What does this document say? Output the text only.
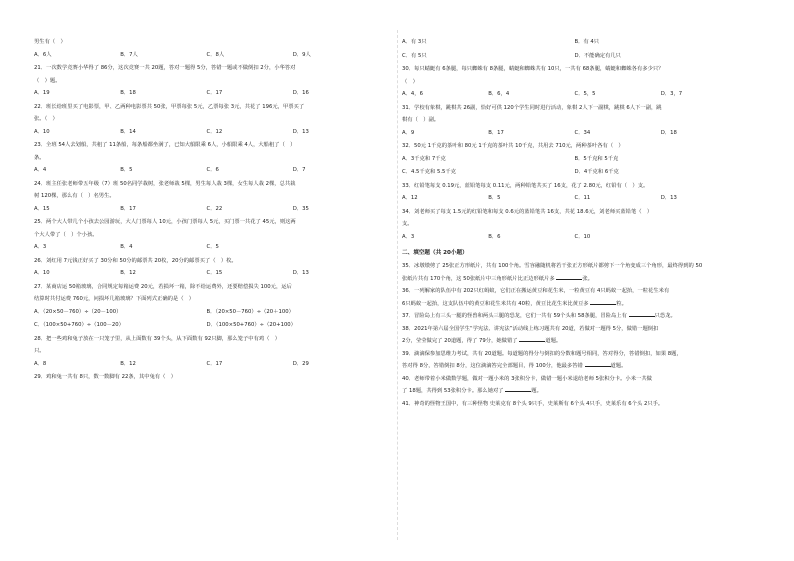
男生有（　）
A．6人	B．7人	C．8人	D．9人
21．一次数学竞赛小华得了 86分，这次竞赛一共 20题，答对一题得 5分，答错一题或不做倒扣 2分，小华答对
（　）题。
A．19	B．18	C．17	D．16
22．班长给班里买了电影票，甲、乙两种电影票共 50张，甲票每张 5元，乙票每张 3元，共花了 196元，甲票买了
张。（　）
A．10	B．14	C．12	D．13
23．全班 54人去划船，共租了 11条船，每条船都坐满了，已知大船限乘 6人，小船限乘 4人，大船租了（　）
条。
A．4	B．5	C．6	D．7
24．班主任张老师带五年级（7）班 50名同学栽树，张老师栽 5棵，男生每人栽 3棵，女生每人栽 2棵，总共栽
树 120棵，那么有（　）名男生。
A．15	B．17	C．22	D．35
25．两个大人带几个小孩去公园游玩，大人门票每人 10元，小孩门票每人 5元，买门票一共花了 45元，则这两
个大人带了（　）个小孩。
A．3	B．4	C．5
26．刘红用 7元钱正好买了 30分和 50分的邮票共 20枚，20分的邮票买了（　）枚。
A．10	B．12	C．15	D．13
27．某商店运 50箱玻璃，合同规定每箱运费 20元，若损坏一箱，除不给运费外，还要赔偿损失 100元，运后
结算时共付运费 760元，问损坏几箱玻璃？下面列式正确的是（　）
A．（20×50－760）÷（20－100）	B．（20×50－760）÷（20＋100）
C．（100×50+760）÷（100－20）	D．（100×50+760）÷（20+100）
28．把一些鸡和兔子放在一只笼子里，从上面数有 39个头，从下面数有 92只脚，那么笼子中有鸡（　）
只。
A．8	B．12	C．17	D．29
29．鸡和兔一共有 8只，数一数脚有 22条，其中兔有（　）
A．有 3只	B．有 4只
C．有 5只	D．不能确定有几只
30．每只蜻蜓有 6条腿，每只蜘蛛有 8条腿，蜻蜓和蜘蛛共有 10只，一共有 68条腿，蜻蜓和蜘蛛各有多少只？
（　）
A．4，6	B．6，4	C．5，5	D．3，7
31．学校有象棋，跳棋共 26副，恰好可供 120个学生同时进行活动，象棋 2人下一副棋，跳棋 6人下一副，跳
棋有（　）副。
A．9	B．17	C．34	D．18
32．50元 1千克的茶叶和 80元 1千克的茶叶共 10千克，共用去 710元，两种茶叶各有（　）
A．3千克和 7千克	B．5千克和 5千克
C．4.5千克和 5.5千克	D．4千克和 6千克
33．红铅笔每支 0.19元，蓝铅笔每支 0.11元，两种铅笔共买了 16支，花了 2.80元，红铅有（　）支。
A．12	B．5	C．11	D．13
34．刘老师买了每支 1.5元的红铅笔和每支 0.6元的蓝铅笔共 16支，共花 18.6元，刘老师买蓝铅笔（　）
支。
A．3	B．6	C．10
二、填空题（共 20小题）
35．冰墩墩剪了 25张正方形纸片，共有 100个角。雪容融随机将若干张正方形纸片都剪下一个角变成三个角形，最终得到的 50
张纸片共有 170个角，这 50张纸片中三角形纸片比正边形纸片多	张。
36．一列解家的队伍中有 202只红蚂蚁，它们正在搬运黄豆和花生米，一粒黄豆有 4只蚂蚁一起抬，一粒花生米有
6只蚂蚁一起抬，这支队伍中的黄豆和花生米共有 40粒，黄豆比花生米比黄豆多	粒。
37．冒险岛上有三头一腿的怪兽和两头三腿的恐龙，它们一共有 59个头和 58条腿，冒险岛上有	只恐龙。
38．2021年第六届全国学生“学宪法、讲宪法”活动线上练习题共有 20道，若做对一题得 5分，做错一题倒扣
2分，莹莹做完了 20道题，得了 79分，她做错了	道题。
39．滴滴保参加思维力考试，共有 20道题。每道题的得分与倒扣的分数和题号相同，答对得分，答错倒扣，如果 8题，
答对得 8分，答错倒扣 8分，这位滴滴答完全部题目，得 100分，他最多答错	道题。
40．老师带着小米做数学题，做对一题小米的 3张积分卡，做错一题小米退给老师 5张积分卡。小米一共做
了 18题，共得到 53张积分卡。那么她对了	题。
41．神奇的怪物王国中，有三种怪物 史莱克有 8个头 9只手，史莱斯有 6个头 4只手，史莱乐有 6个头 2只手。
